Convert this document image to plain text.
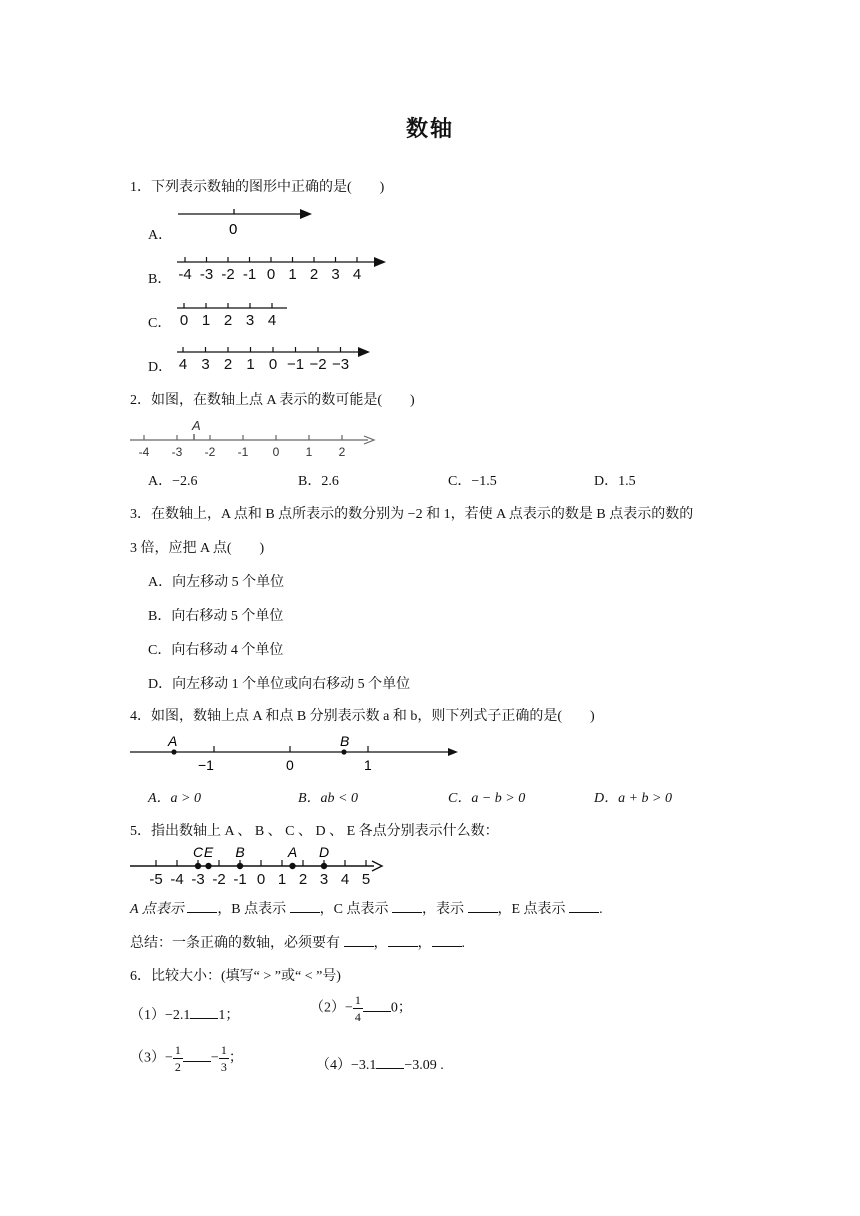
数轴
1．下列表示数轴的图形中正确的是(　　)
A．	0
B． -4 -3 -2 -1 0 1 2 3 4
C． 0 1 2 3 4
D． 4 3 2 1 0 −1 −2 −3
2．如图，在数轴上点 A 表示的数可能是(　　)
A
-4 -3 -2 -1 0 1 2
A．−2.6	B．2.6	C．−1.5	D．1.5
3．在数轴上，A 点和 B 点所表示的数分别为 −2 和 1，若使 A 点表示的数是 B 点表示的数的
3 倍，应把 A 点(　　)
A．向左移动 5 个单位
B．向右移动 5 个单位
C．向右移动 4 个单位
D．向左移动 1 个单位或向右移动 5 个单位
4．如图，数轴上点 A 和点 B 分别表示数 a 和 b，则下列式子正确的是(　　)
A	B
−1	0	1
A．a > 0	B．ab < 0	C．a − b > 0	D．a + b > 0
5．指出数轴上 A 、 B 、 C 、 D 、 E 各点分别表示什么数：
-5 -4 -3 -2 -1 0 1 2 3 4 5
C E B	A D
A 点表示 ，B 点表示 ，C 点表示 ，表示 ，E 点表示 .
总结：一条正确的数轴，必须要有 ， ， .
6．比较大小：(填写“ > ”或“ < ”号)
（1）−2.1 1；	$(2)- \frac{1}{4} 0$；
$(3)- \frac{1}{2} - \frac{1}{3}$ ；	（4）−3.1 −3.09 .
